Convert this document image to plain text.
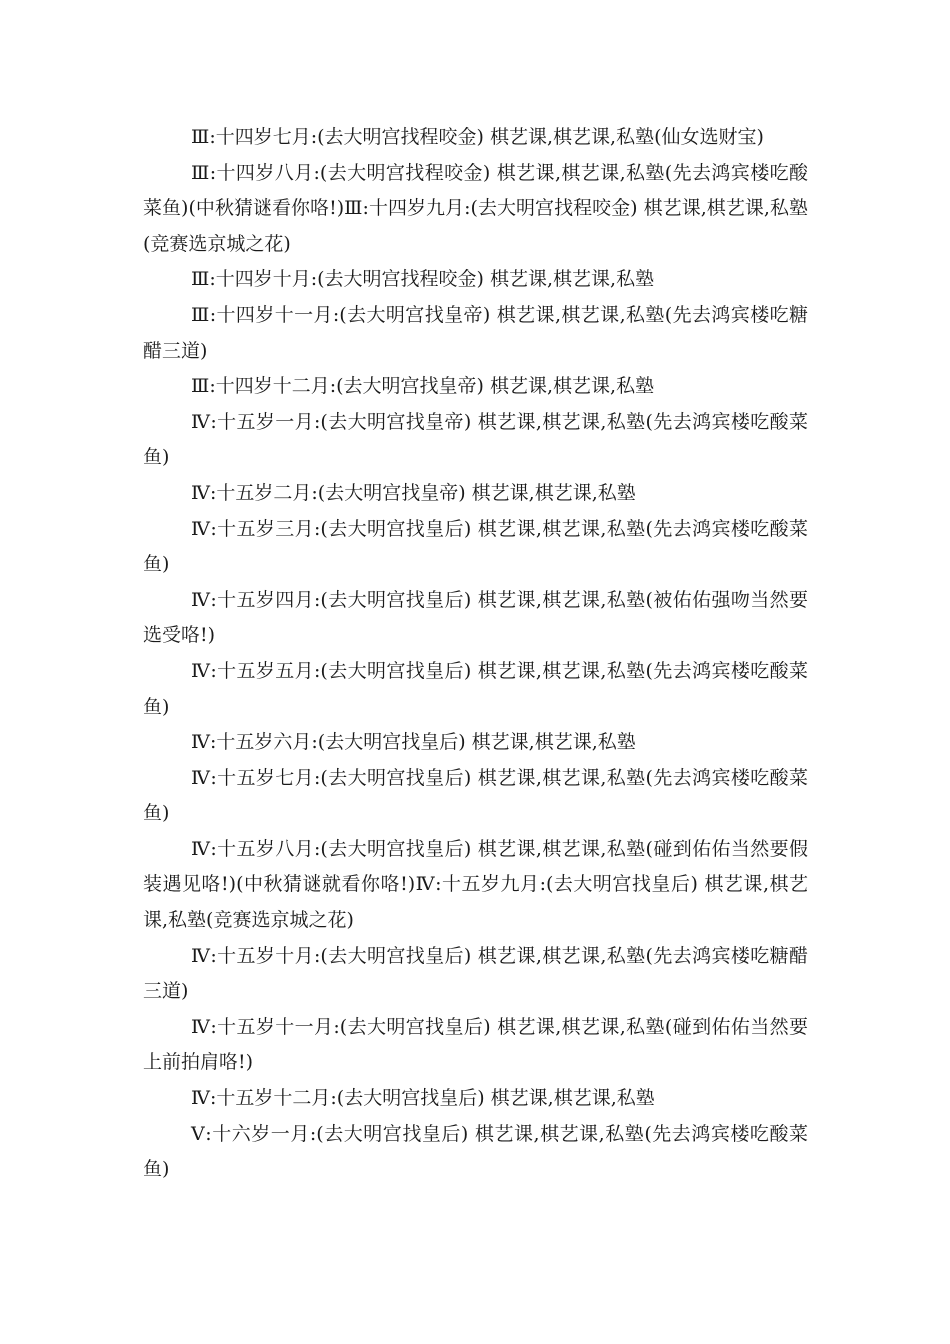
Ⅲ:十四岁七月:(去大明宫找程咬金) 棋艺课,棋艺课,私塾(仙女选财宝)

Ⅲ:十四岁八月:(去大明宫找程咬金) 棋艺课,棋艺课,私塾(先去鸿宾楼吃酸菜鱼)(中秋猜谜看你咯!)Ⅲ:十四岁九月:(去大明宫找程咬金) 棋艺课,棋艺课,私塾(竞赛选京城之花)

Ⅲ:十四岁十月:(去大明宫找程咬金) 棋艺课,棋艺课,私塾

Ⅲ:十四岁十一月:(去大明宫找皇帝) 棋艺课,棋艺课,私塾(先去鸿宾楼吃糖醋三道)

Ⅲ:十四岁十二月:(去大明宫找皇帝) 棋艺课,棋艺课,私塾

Ⅳ:十五岁一月:(去大明宫找皇帝) 棋艺课,棋艺课,私塾(先去鸿宾楼吃酸菜鱼)

Ⅳ:十五岁二月:(去大明宫找皇帝) 棋艺课,棋艺课,私塾

Ⅳ:十五岁三月:(去大明宫找皇后) 棋艺课,棋艺课,私塾(先去鸿宾楼吃酸菜鱼)

Ⅳ:十五岁四月:(去大明宫找皇后) 棋艺课,棋艺课,私塾(被佑佑强吻当然要选受咯!)

Ⅳ:十五岁五月:(去大明宫找皇后) 棋艺课,棋艺课,私塾(先去鸿宾楼吃酸菜鱼)

Ⅳ:十五岁六月:(去大明宫找皇后) 棋艺课,棋艺课,私塾

Ⅳ:十五岁七月:(去大明宫找皇后) 棋艺课,棋艺课,私塾(先去鸿宾楼吃酸菜鱼)

Ⅳ:十五岁八月:(去大明宫找皇后) 棋艺课,棋艺课,私塾(碰到佑佑当然要假装遇见咯!)(中秋猜谜就看你咯!)Ⅳ:十五岁九月:(去大明宫找皇后) 棋艺课,棋艺课,私塾(竞赛选京城之花)

Ⅳ:十五岁十月:(去大明宫找皇后) 棋艺课,棋艺课,私塾(先去鸿宾楼吃糖醋三道)

Ⅳ:十五岁十一月:(去大明宫找皇后) 棋艺课,棋艺课,私塾(碰到佑佑当然要上前拍肩咯!)

Ⅳ:十五岁十二月:(去大明宫找皇后) 棋艺课,棋艺课,私塾

Ⅴ:十六岁一月:(去大明宫找皇后) 棋艺课,棋艺课,私塾(先去鸿宾楼吃酸菜鱼)
